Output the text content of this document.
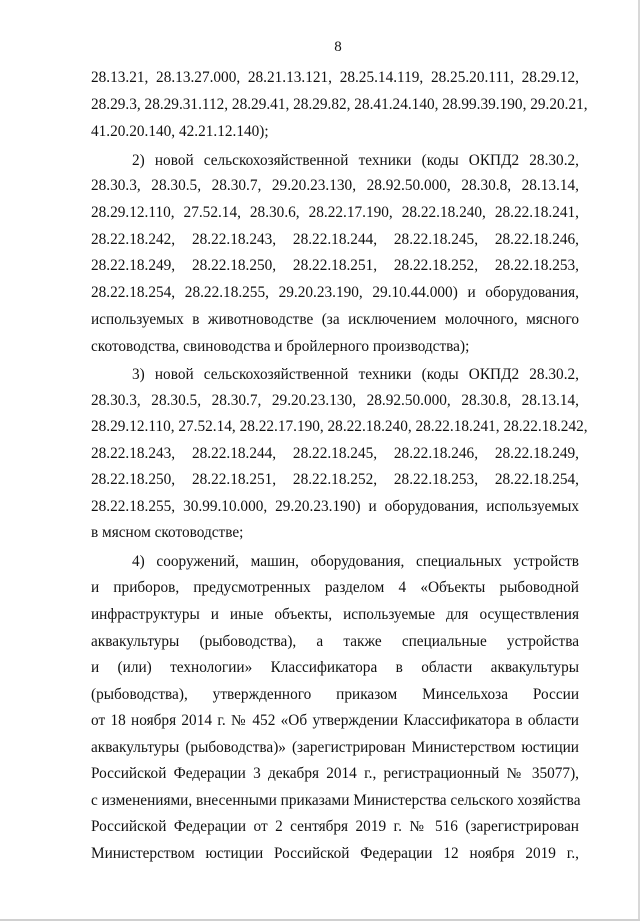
8
28.13.21, 28.13.27.000, 28.21.13.121, 28.25.14.119, 28.25.20.111, 28.29.12,
28.29.3, 28.29.31.112, 28.29.41, 28.29.82, 28.41.24.140, 28.99.39.190, 29.20.21,
41.20.20.140, 42.21.12.140);
2) новой сельскохозяйственной техники (коды ОКПД2 28.30.2,
28.30.3, 28.30.5, 28.30.7, 29.20.23.130, 28.92.50.000, 28.30.8, 28.13.14,
28.29.12.110, 27.52.14, 28.30.6, 28.22.17.190, 28.22.18.240, 28.22.18.241,
28.22.18.242, 28.22.18.243, 28.22.18.244, 28.22.18.245, 28.22.18.246,
28.22.18.249, 28.22.18.250, 28.22.18.251, 28.22.18.252, 28.22.18.253,
28.22.18.254, 28.22.18.255, 29.20.23.190, 29.10.44.000) и оборудования,
используемых в животноводстве (за исключением молочного, мясного
скотоводства, свиноводства и бройлерного производства);
3) новой сельскохозяйственной техники (коды ОКПД2 28.30.2,
28.30.3, 28.30.5, 28.30.7, 29.20.23.130, 28.92.50.000, 28.30.8, 28.13.14,
28.29.12.110, 27.52.14, 28.22.17.190, 28.22.18.240, 28.22.18.241, 28.22.18.242,
28.22.18.243, 28.22.18.244, 28.22.18.245, 28.22.18.246, 28.22.18.249,
28.22.18.250, 28.22.18.251, 28.22.18.252, 28.22.18.253, 28.22.18.254,
28.22.18.255, 30.99.10.000, 29.20.23.190) и оборудования, используемых
в мясном скотоводстве;
4) сооружений, машин, оборудования, специальных устройств
и приборов, предусмотренных разделом 4 «Объекты рыбоводной
инфраструктуры и иные объекты, используемые для осуществления
аквакультуры (рыбоводства), а также специальные устройства
и (или) технологии» Классификатора в области аквакультуры
(рыбоводства), утвержденного приказом Минсельхоза России
от 18 ноября 2014 г. № 452 «Об утверждении Классификатора в области
аквакультуры (рыбоводства)» (зарегистрирован Министерством юстиции
Российской Федерации 3 декабря 2014 г., регистрационный № 35077),
с изменениями, внесенными приказами Министерства сельского хозяйства
Российской Федерации от 2 сентября 2019 г. № 516 (зарегистрирован
Министерством юстиции Российской Федерации 12 ноября 2019 г.,
